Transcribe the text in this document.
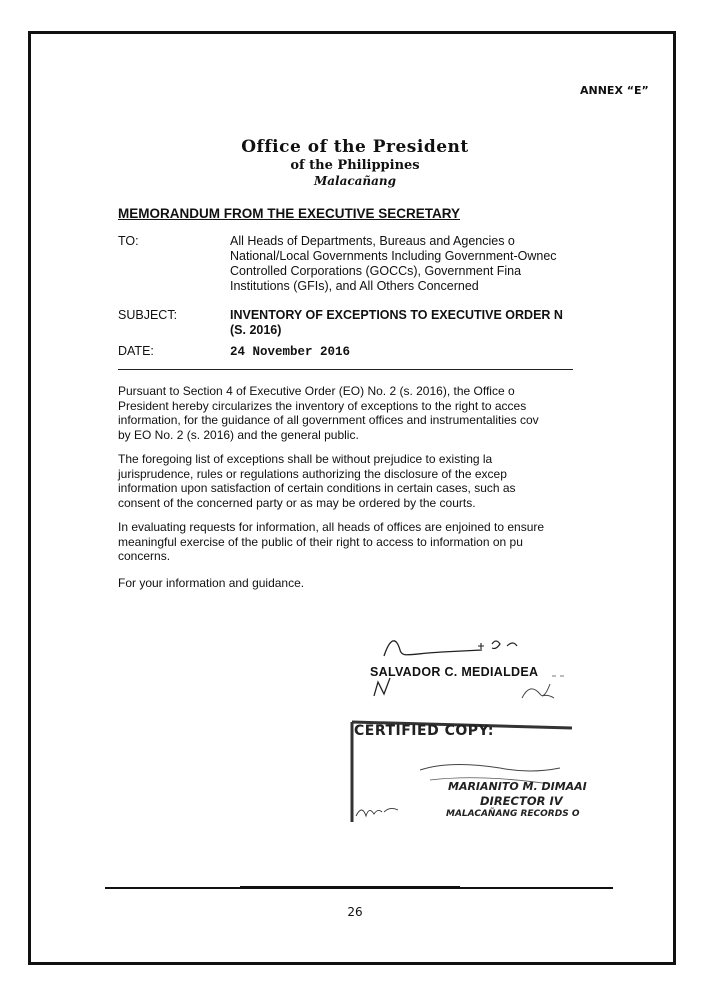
ANNEX “E”
Office of the President
of the Philippines
Malacañang
MEMORANDUM FROM THE EXECUTIVE SECRETARY
TO:	All Heads of Departments, Bureaus and Agencies o
National/Local Governments Including Government-Ownec
Controlled Corporations (GOCCs), Government Fina
Institutions (GFIs), and All Others Concerned
SUBJECT:	INVENTORY OF EXCEPTIONS TO EXECUTIVE ORDER N
(S. 2016)
DATE:	24 November 2016
Pursuant to Section 4 of Executive Order (EO) No. 2 (s. 2016), the Office o
President hereby circularizes the inventory of exceptions to the right to acces
information, for the guidance of all government offices and instrumentalities cov
by EO No. 2 (s. 2016) and the general public.
The foregoing list of exceptions shall be without prejudice to existing la
jurisprudence, rules or regulations authorizing the disclosure of the excep
information upon satisfaction of certain conditions in certain cases, such as
consent of the concerned party or as may be ordered by the courts.
In evaluating requests for information, all heads of offices are enjoined to ensure
meaningful exercise of the public of their right to access to information on pu
concerns.
For your information and guidance.
SALVADOR C. MEDIALDEA
CERTIFIED COPY:
MARIANITO M. DIMAAI
DIRECTOR IV
MALACAÑANG RECORDS O
26
